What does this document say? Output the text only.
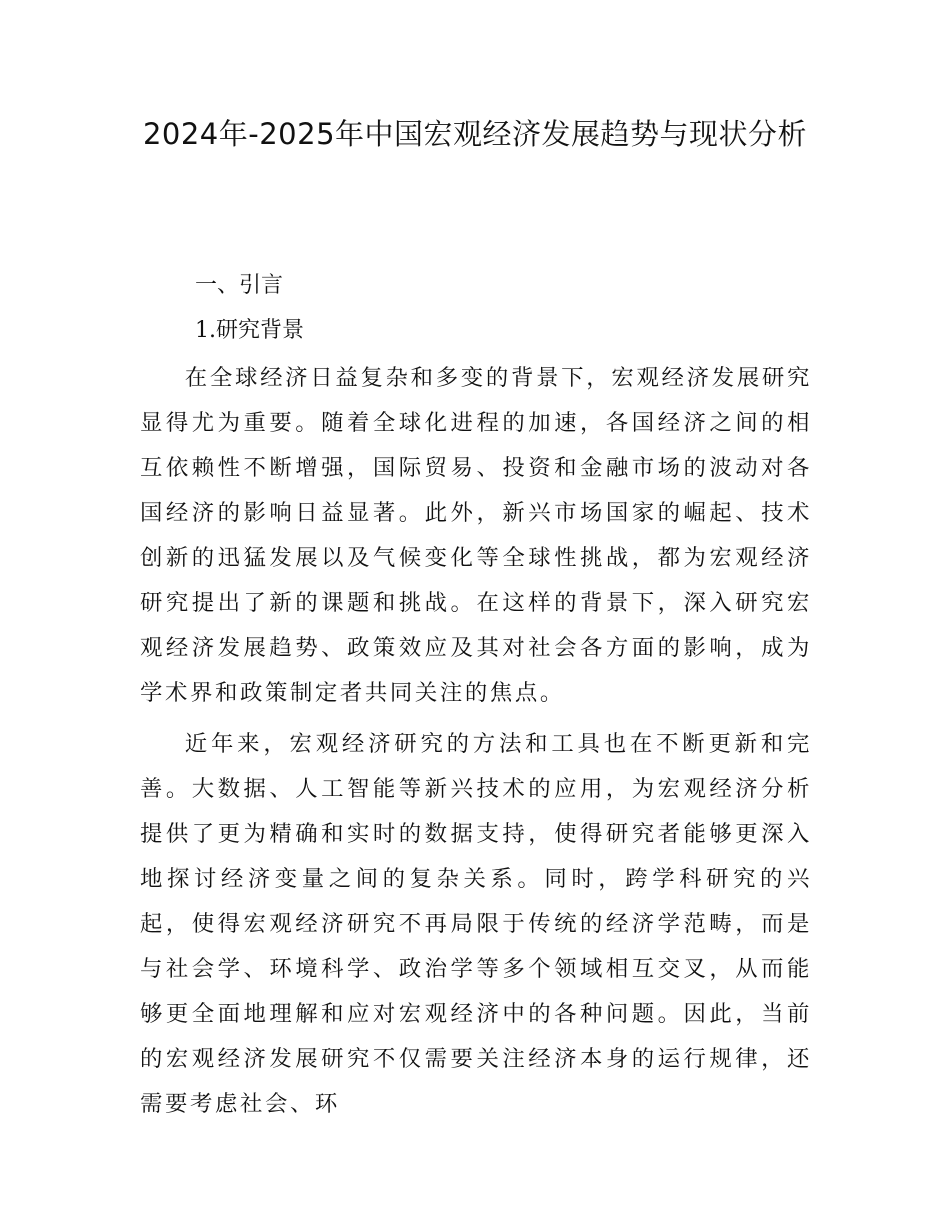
2024年-2025年中国宏观经济发展趋势与现状分析
一、引言
1.研究背景

在全球经济日益复杂和多变的背景下，宏观经济发展研究显得尤为重要。随着全球化进程的加速，各国经济之间的相互依赖性不断增强，国际贸易、投资和金融市场的波动对各国经济的影响日益显著。此外，新兴市场国家的崛起、技术创新的迅猛发展以及气候变化等全球性挑战，都为宏观经济研究提出了新的课题和挑战。在这样的背景下，深入研究宏观经济发展趋势、政策效应及其对社会各方面的影响，成为学术界和政策制定者共同关注的焦点。

近年来，宏观经济研究的方法和工具也在不断更新和完善。大数据、人工智能等新兴技术的应用，为宏观经济分析提供了更为精确和实时的数据支持，使得研究者能够更深入地探讨经济变量之间的复杂关系。同时，跨学科研究的兴起，使得宏观经济研究不再局限于传统的经济学范畴，而是与社会学、环境科学、政治学等多个领域相互交叉，从而能够更全面地理解和应对宏观经济中的各种问题。因此，当前的宏观经济发展研究不仅需要关注经济本身的运行规律，还需要考虑社会、环
